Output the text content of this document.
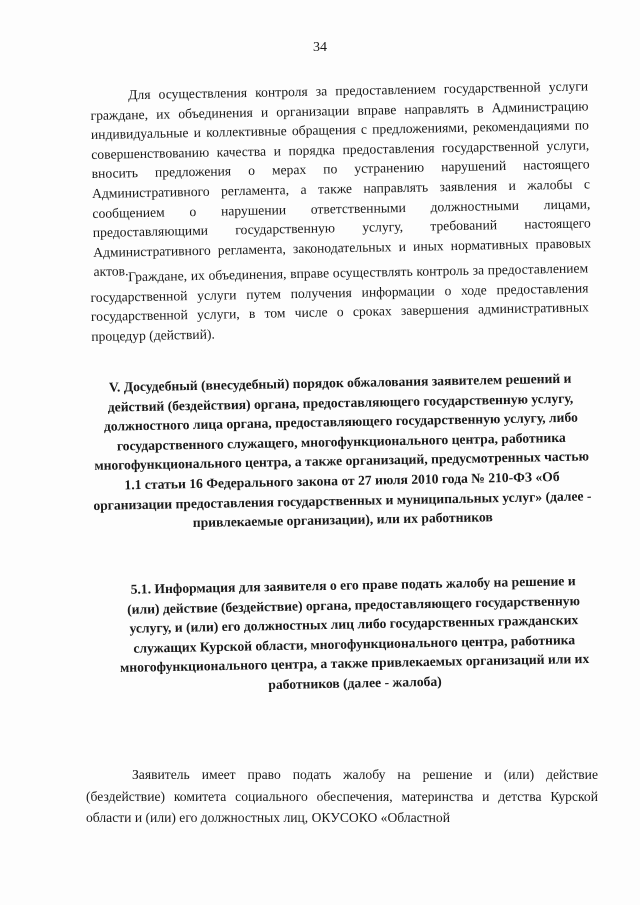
34

Для осуществления контроля за предоставлением государственной услуги граждане, их объединения и организации вправе направлять в Администрацию индивидуальные и коллективные обращения с предложениями, рекомендациями по совершенствованию качества и порядка предоставления государственной услуги, вносить предложения о мерах по устранению нарушений настоящего Административного регламента, а также направлять заявления и жалобы с сообщением о нарушении ответственными должностными лицами, предоставляющими государственную услугу, требований настоящего Административного регламента, законодательных и иных нормативных правовых актов. Граждане, их объединения, вправе осуществлять контроль за предоставлением государственной услуги путем получения информации о ходе предоставления государственной услуги, в том числе о сроках завершения административных процедур (действий).

V. Досудебный (внесудебный) порядок обжалования заявителем решений и действий (бездействия) органа, предоставляющего государственную услугу, должностного лица органа, предоставляющего государственную услугу, либо государственного служащего, многофункционального центра, работника многофункционального центра, а также организаций, предусмотренных частью 1.1 статьи 16 Федерального закона от 27 июля 2010 года № 210-ФЗ «Об организации предоставления государственных и муниципальных услуг» (далее - привлекаемые организации), или их работников

5.1. Информация для заявителя о его праве подать жалобу на решение и (или) действие (бездействие) органа, предоставляющего государственную услугу, и (или) его должностных лиц либо государственных гражданских служащих Курской области, многофункционального центра, работника многофункционального центра, а также привлекаемых организаций или их работников (далее - жалоба)

Заявитель имеет право подать жалобу на решение и (или) действие (бездействие) комитета социального обеспечения, материнства и детства Курской области и (или) его должностных лиц, ОКУСОКО «Областной
